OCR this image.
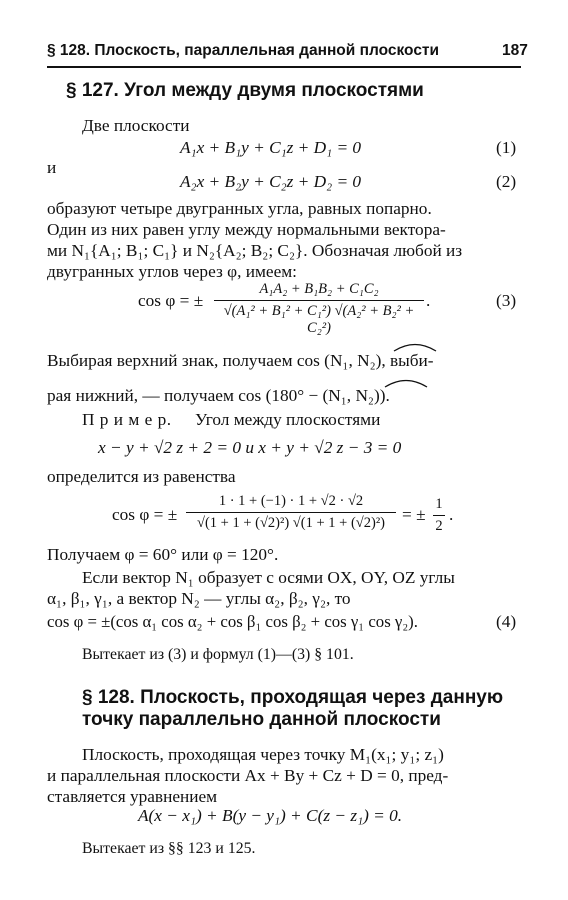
§ 128. Плоскость, параллельная данной плоскости	187
§ 127. Угол между двумя плоскостями
Две плоскости
A₁x + B₁y + C₁z + D₁ = 0	(1)
и
A₂x + B₂y + C₂z + D₂ = 0	(2)
образуют четыре двугранных угла, равных попарно.
Один из них равен углу между нормальными вектора-
ми N₁{A₁; B₁; C₁} и N₂{A₂; B₂; C₂}. Обозначая любой из
двугранных углов через φ, имеем:
cos φ = ±
A₁A₂ + B₁B₂ + C₁C₂
√(A₁² + B₁² + C₁²) √(A₂² + B₂² + C₂²)
.	(3)
Выбирая верхний знак, получаем cos (N₁, N₂), выби-
рая нижний, — получаем cos (180° − (N₁, N₂)).
П р и м е р. Угол между плоскостями
x − y + √2 z + 2 = 0 и x + y + √2 z − 3 = 0
определится из равенства
cos φ = ±
1 · 1 + (−1) · 1 + √2 · √2
√(1 + 1 + (√2)²) √(1 + 1 + (√2)²) = ±
1
2
.
Получаем φ = 60° или φ = 120°.
Если вектор N₁ образует с осями OX, OY, OZ углы
α₁, β₁, γ₁, а вектор N₂ — углы α₂, β₂, γ₂, то
cos φ = ±(cos α₁ cos α₂ + cos β₁ cos β₂ + cos γ₁ cos γ₂).	(4)
Вытекает из (3) и формул (1)—(3) § 101.
§ 128. Плоскость, проходящая через данную
точку параллельно данной плоскости
Плоскость, проходящая через точку M₁(x₁; y₁; z₁)
и параллельная плоскости Ax + By + Cz + D = 0, пред-
ставляется уравнением
A(x − x₁) + B(y − y₁) + C(z − z₁) = 0.
Вытекает из §§ 123 и 125.
